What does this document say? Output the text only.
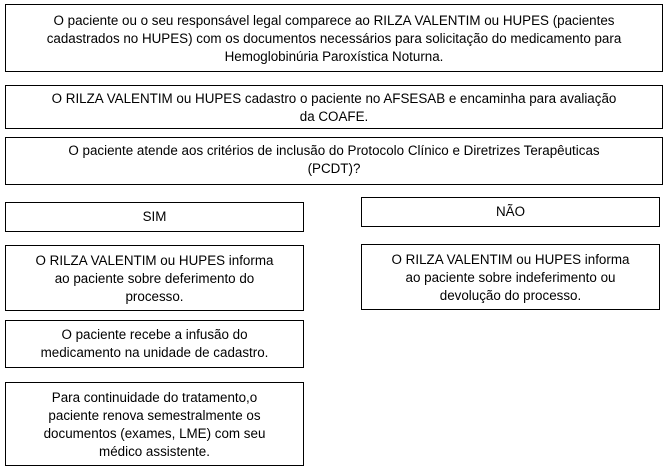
O paciente ou o seu responsável legal comparece ao RILZA VALENTIM ou HUPES (pacientes
cadastrados no HUPES) com os documentos necessários para solicitação do medicamento para
Hemoglobinúria Paroxística Noturna.
O RILZA VALENTIM ou HUPES cadastro o paciente no AFSESAB e encaminha para avaliação
da COAFE.
O paciente atende aos critérios de inclusão do Protocolo Clínico e Diretrizes Terapêuticas
(PCDT)?
SIM	NÃO
O RILZA VALENTIM ou HUPES informa
ao paciente sobre deferimento do
processo.
O RILZA VALENTIM ou HUPES informa
ao paciente sobre indeferimento ou
devolução do processo.
O paciente recebe a infusão do
medicamento na unidade de cadastro.
Para continuidade do tratamento,o
paciente renova semestralmente os
documentos (exames, LME) com seu
médico assistente.
